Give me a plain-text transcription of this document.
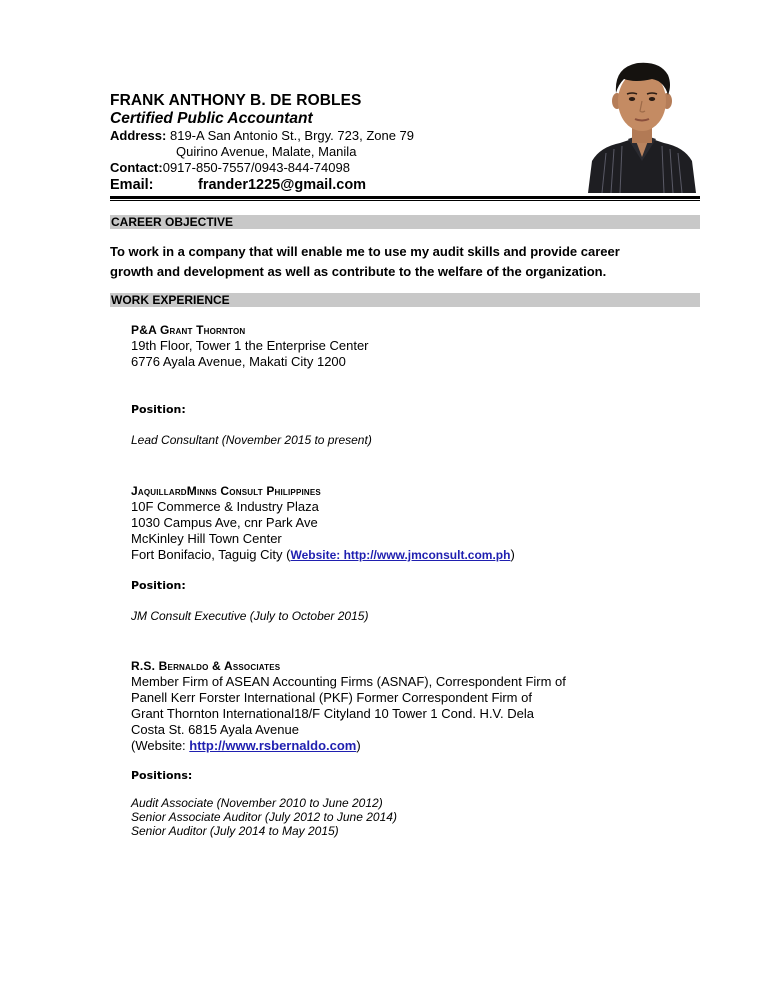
FRANK ANTHONY B. DE ROBLES
Certified Public Accountant
Address: 819-A San Antonio St., Brgy. 723, Zone 79
Quirino Avenue, Malate, Manila
Contact:0917-850-7557/0943-844-74098
Email:	frander1225@gmail.com
CAREER OBJECTIVE
To work in a company that will enable me to use my audit skills and provide career
growth and development as well as contribute to the welfare of the organization.
WORK EXPERIENCE
P&A Grant Thornton
19th Floor, Tower 1 the Enterprise Center
6776 Ayala Avenue, Makati City 1200
Position:
Lead Consultant (November 2015 to present)
JaquillardMinns Consult Philippines
10F Commerce & Industry Plaza
1030 Campus Ave, cnr Park Ave
McKinley Hill Town Center
Fort Bonifacio, Taguig City (Website: http://www.jmconsult.com.ph)
Position:
JM Consult Executive (July to October 2015)
R.S. Bernaldo & Associates
Member Firm of ASEAN Accounting Firms (ASNAF), Correspondent Firm of
Panell Kerr Forster International (PKF) Former Correspondent Firm of
Grant Thornton International18/F Cityland 10 Tower 1 Cond. H.V. Dela
Costa St. 6815 Ayala Avenue
(Website: http://www.rsbernaldo.com)
Positions:
Audit Associate (November 2010 to June 2012)
Senior Associate Auditor (July 2012 to June 2014)
Senior Auditor (July 2014 to May 2015)
